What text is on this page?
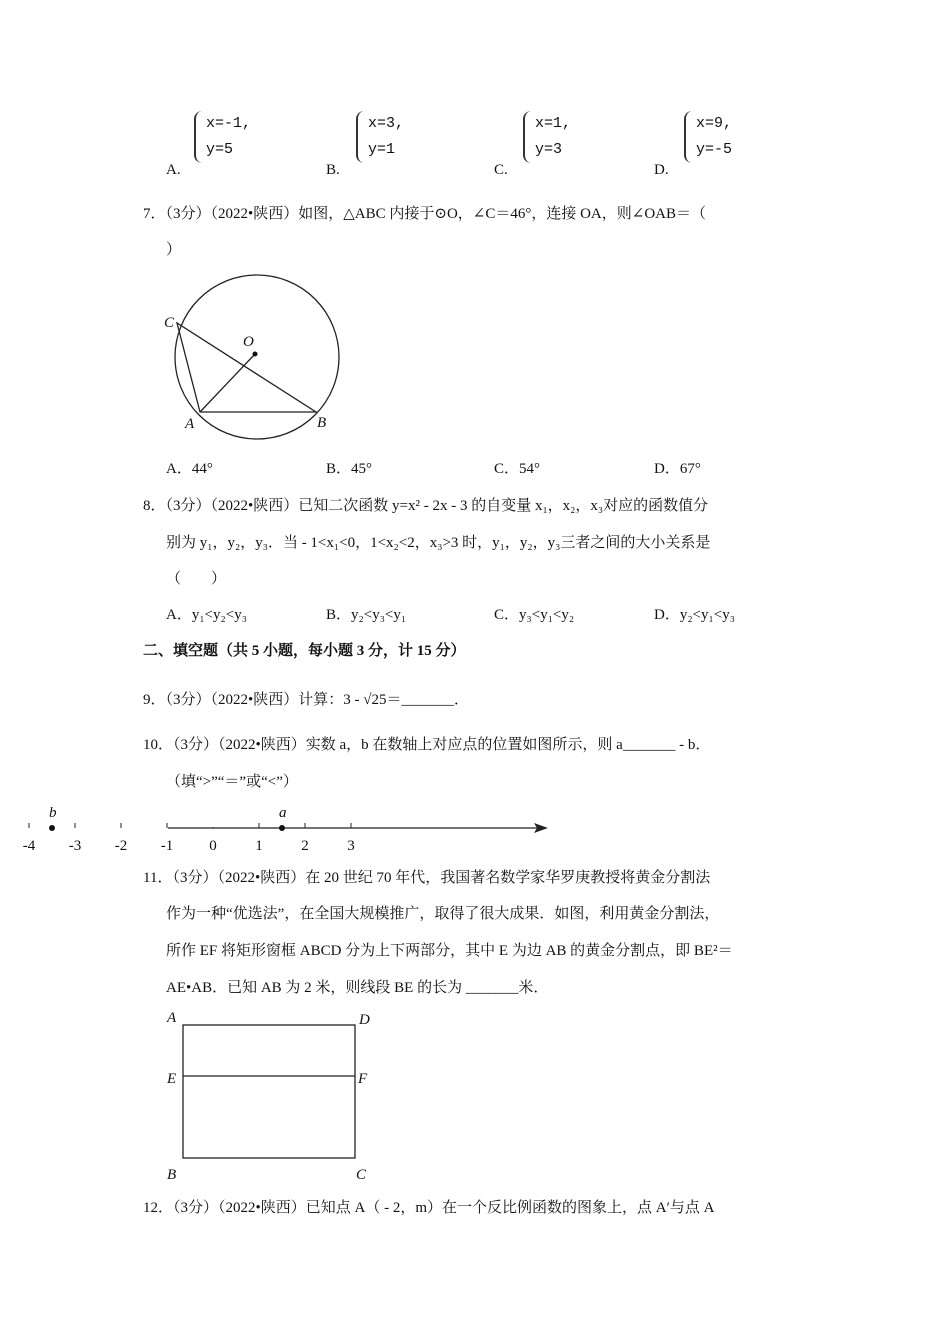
A.
x=-1,
y=5
B.
x=3,
y=1
C.
x=1,
y=3
D.
x=9,
y=-5
7．（3分）（2022•陕西）如图，△ABC 内接于⊙O，∠C＝46°，连接 OA，则∠OAB＝（
）
C
O
A	B
A．44°	B．45°	C．54°	D．67°
8．（3分）（2022•陕西）已知二次函数 y=x² - 2x - 3 的自变量 x₁，x₂，x₃对应的函数值分
别为 y₁，y₂，y₃．当 - 1<x₁<0，1<x₂<2，x₃>3 时，y₁，y₂，y₃三者之间的大小关系是
（　　）
A．y₁<y₂<y₃	B．y₂<y₃<y₁	C．y₃<y₁<y₂	D．y₂<y₁<y₃
二、填空题（共 5 小题，每小题 3 分，计 15 分）
9．（3分）（2022•陕西）计算：3 - √25＝_______．
10．（3分）（2022•陕西）实数 a，b 在数轴上对应点的位置如图所示，则 a_______ - b．
（填“>”“＝”或“<”）
-4 -3 -2 -1 0	1	2	3
b	a
11．（3分）（2022•陕西）在 20 世纪 70 年代，我国著名数学家华罗庚教授将黄金分割法
作为一种“优选法”，在全国大规模推广，取得了很大成果．如图，利用黄金分割法，
所作 EF 将矩形窗框 ABCD 分为上下两部分，其中 E 为边 AB 的黄金分割点，即 BE²＝
AE•AB．已知 AB 为 2 米，则线段 BE 的长为 _______米．
A	D
E	F
B	C
12．（3分）（2022•陕西）已知点 A（ - 2，m）在一个反比例函数的图象上，点 A′与点 A
